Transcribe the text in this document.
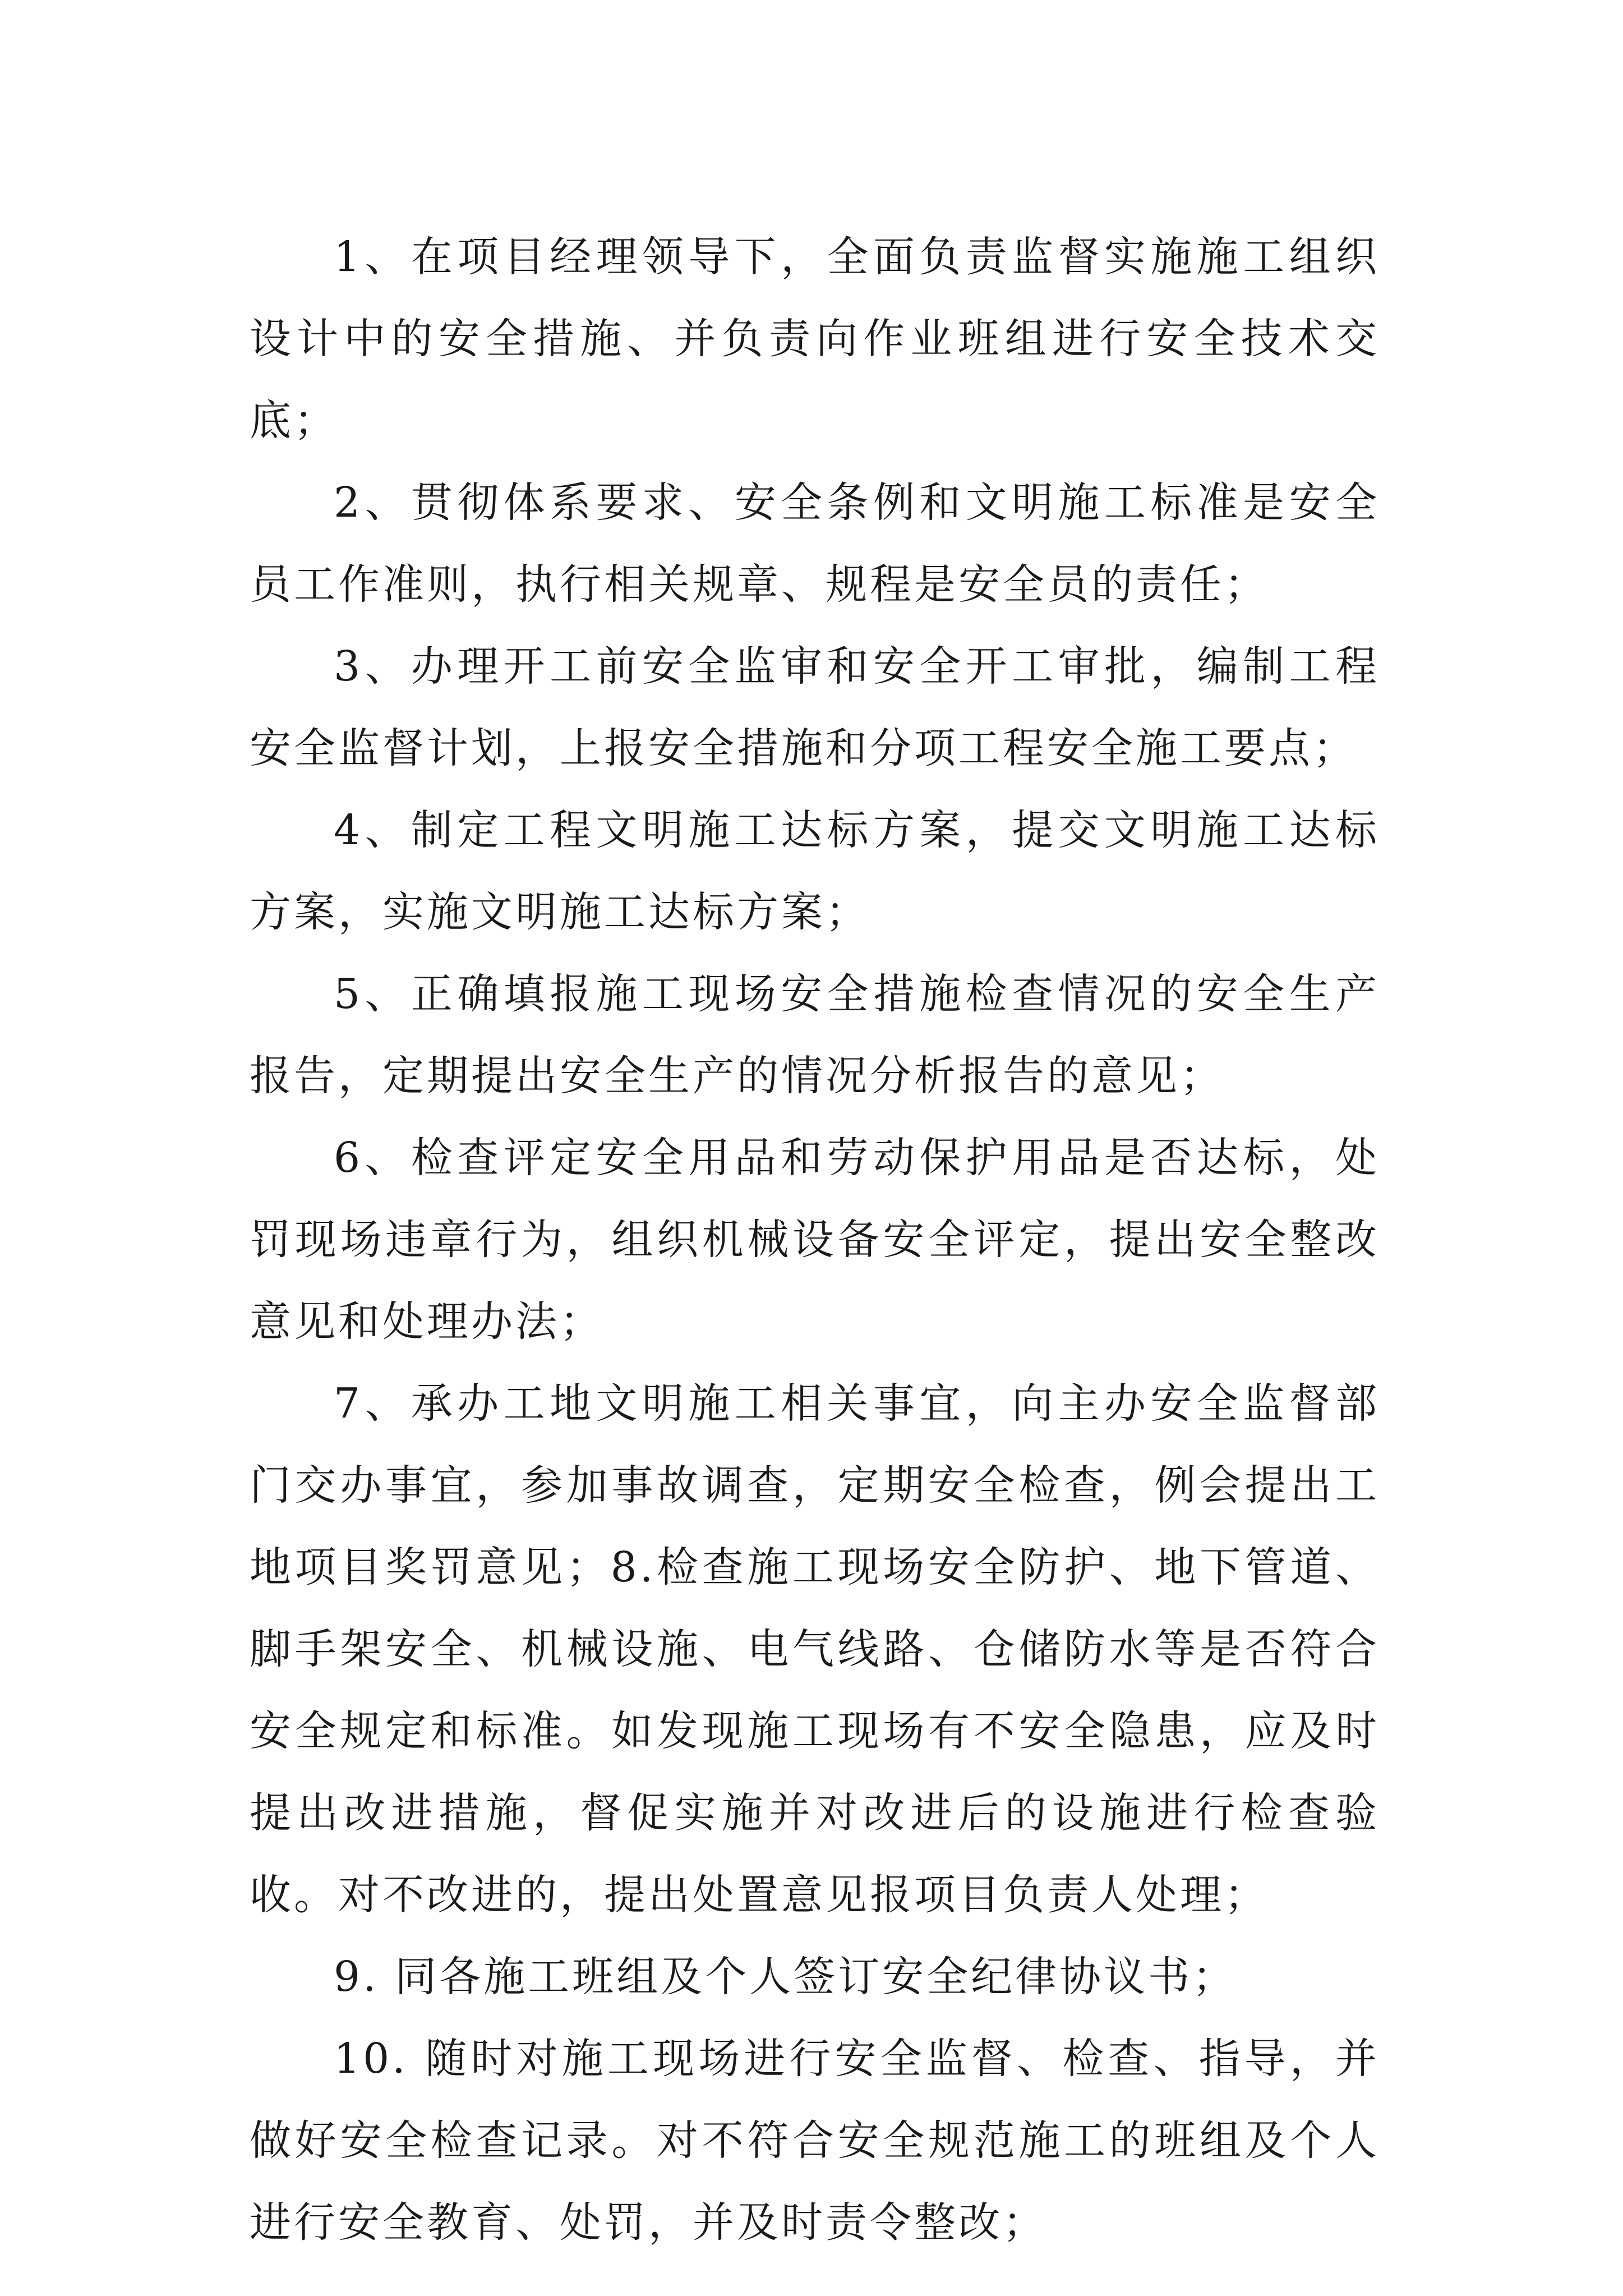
1、在项目经理领导下，全面负责监督实施施工组织设计中的安全措施、并负责向作业班组进行安全技术交底；

2、贯彻体系要求、安全条例和文明施工标准是安全员工作准则，执行相关规章、规程是安全员的责任；

3、办理开工前安全监审和安全开工审批，编制工程安全监督计划，上报安全措施和分项工程安全施工要点；

4、制定工程文明施工达标方案，提交文明施工达标方案，实施文明施工达标方案；

5、正确填报施工现场安全措施检查情况的安全生产报告，定期提出安全生产的情况分析报告的意见；

6、检查评定安全用品和劳动保护用品是否达标，处罚现场违章行为，组织机械设备安全评定，提出安全整改意见和处理办法；

7、承办工地文明施工相关事宜，向主办安全监督部门交办事宜，参加事故调查，定期安全检查，例会提出工地项目奖罚意见；8.检查施工现场安全防护、地下管道、脚手架安全、机械设施、电气线路、仓储防水等是否符合安全规定和标准。如发现施工现场有不安全隐患，应及时提出改进措施，督促实施并对改进后的设施进行检查验收。对不改进的，提出处置意见报项目负责人处理；

9. 同各施工班组及个人签订安全纪律协议书；

10. 随时对施工现场进行安全监督、检查、指导，并做好安全检查记录。对不符合安全规范施工的班组及个人进行安全教育、处罚，并及时责令整改；
